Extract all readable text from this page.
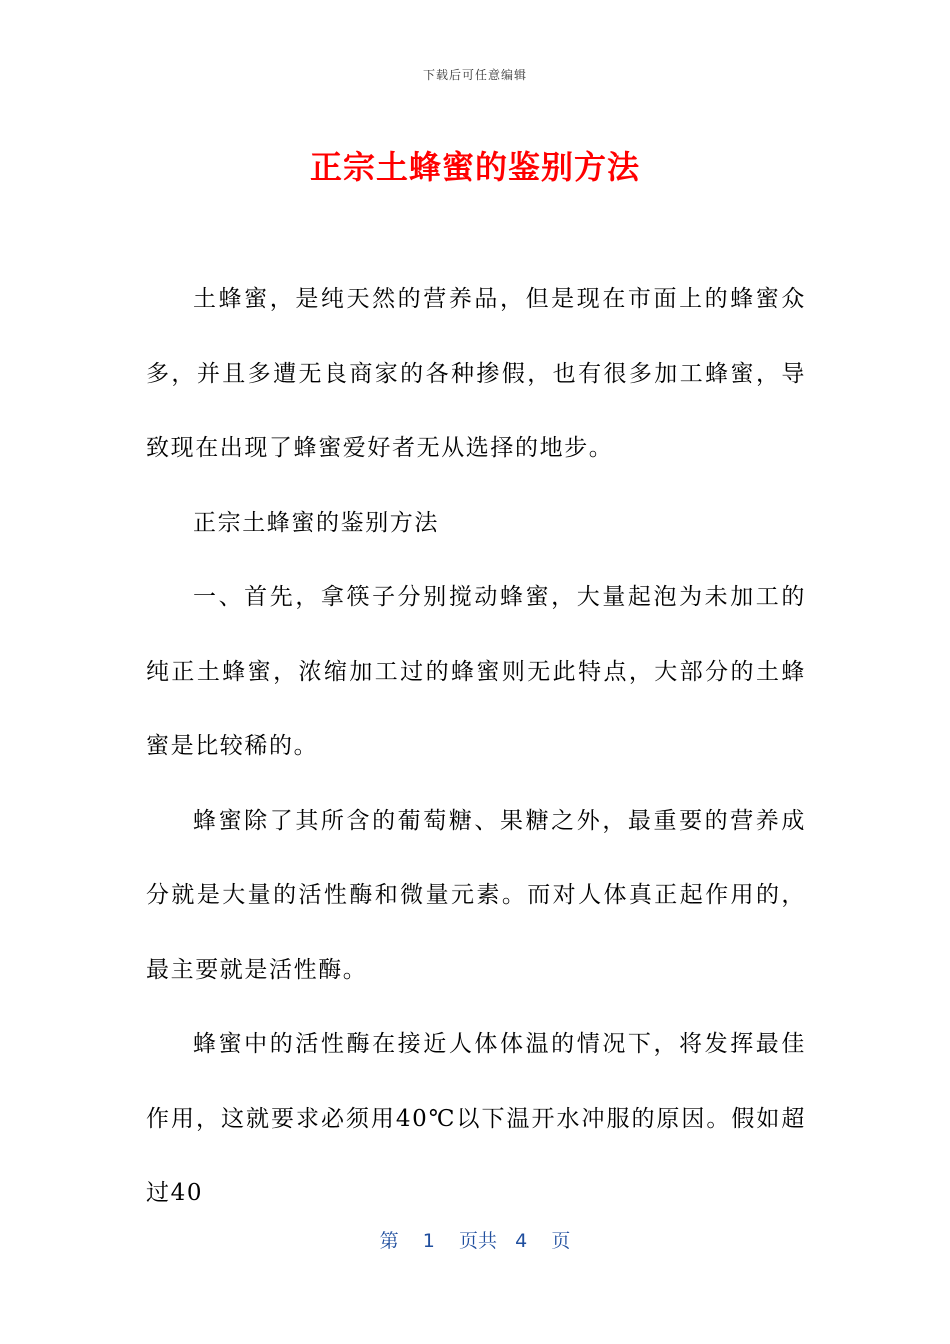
下载后可任意编辑
正宗土蜂蜜的鉴别方法

土蜂蜜，是纯天然的营养品，但是现在市面上的蜂蜜众多，并且多遭无良商家的各种掺假，也有很多加工蜂蜜，导致现在出现了蜂蜜爱好者无从选择的地步。

正宗土蜂蜜的鉴别方法

一、首先，拿筷子分别搅动蜂蜜，大量起泡为未加工的纯正土蜂蜜，浓缩加工过的蜂蜜则无此特点，大部分的土蜂蜜是比较稀的。

蜂蜜除了其所含的葡萄糖、果糖之外，最重要的营养成分就是大量的活性酶和微量元素。而对人体真正起作用的，最主要就是活性酶。

蜂蜜中的活性酶在接近人体体温的情况下，将发挥最佳作用，这就要求必须用40℃以下温开水冲服的原因。假如超过40

第 1 页共 4 页
